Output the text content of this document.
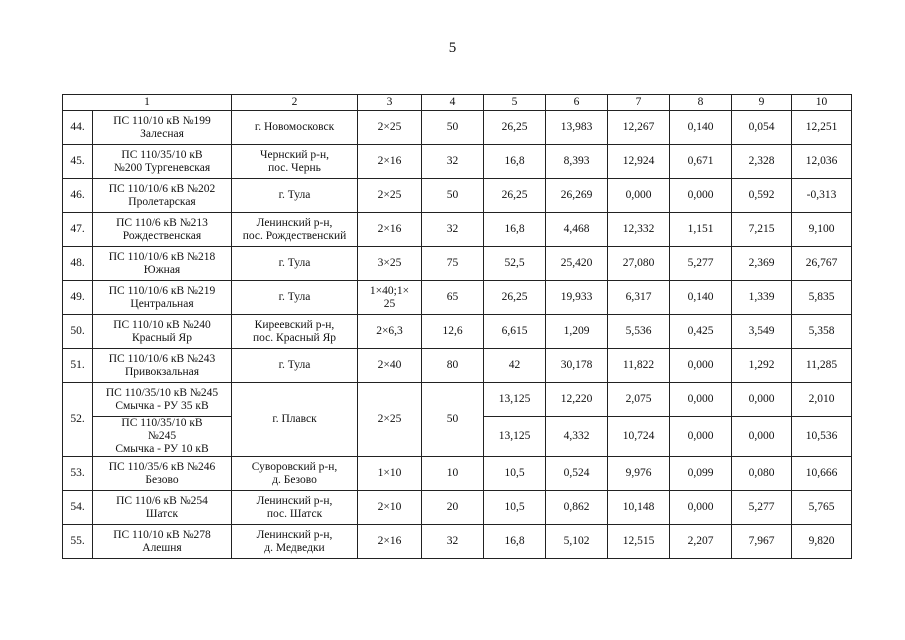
5
1		2	3	4	5	6	7	8	9	10
44.	ПС 110/10 кВ №199
Залесная	г. Новомосковск	2×25	50	26,25	13,983	12,267	0,140	0,054	12,251
45.	ПС 110/35/10 кВ
№200 Тургеневская	Чернский р-н,
пос. Чернь	2×16	32	16,8	8,393	12,924	0,671	2,328	12,036
46.	ПС 110/10/6 кВ №202
Пролетарская	г. Тула	2×25	50	26,25	26,269	0,000	0,000	0,592	-0,313
47.	ПС 110/6 кВ №213
Рождественская	Ленинский р-н,
пос. Рождественский	2×16	32	16,8	4,468	12,332	1,151	7,215	9,100
48.	ПС 110/10/6 кВ №218
Южная	г. Тула	3×25	75	52,5	25,420	27,080	5,277	2,369	26,767
49.	ПС 110/10/6 кВ №219
Центральная	г. Тула	1×40;1×
25	65	26,25	19,933	6,317	0,140	1,339	5,835
50.	ПС 110/10 кВ №240
Красный Яр	Киреевский р-н,
пос. Красный Яр	2×6,3	12,6	6,615	1,209	5,536	0,425	3,549	5,358
51.	ПС 110/10/6 кВ №243
Привокзальная	г. Тула	2×40	80	42	30,178	11,822	0,000	1,292	11,285
52.	ПС 110/35/10 кВ №245
Смычка - РУ 35 кВ	г. Плавск	2×25	50	13,125	12,220	2,075	0,000	0,000	2,010
	ПС 110/35/10 кВ
№245
Смычка - РУ 10 кВ				13,125	4,332	10,724	0,000	0,000	10,536
53.	ПС 110/35/6 кВ №246
Безово	Суворовский р-н,
д. Безово	1×10	10	10,5	0,524	9,976	0,099	0,080	10,666
54.	ПС 110/6 кВ №254
Шатск	Ленинский р-н,
пос. Шатск	2×10	20	10,5	0,862	10,148	0,000	5,277	5,765
55.	ПС 110/10 кВ №278
Алешня	Ленинский р-н,
д. Медведки	2×16	32	16,8	5,102	12,515	2,207	7,967	9,820
